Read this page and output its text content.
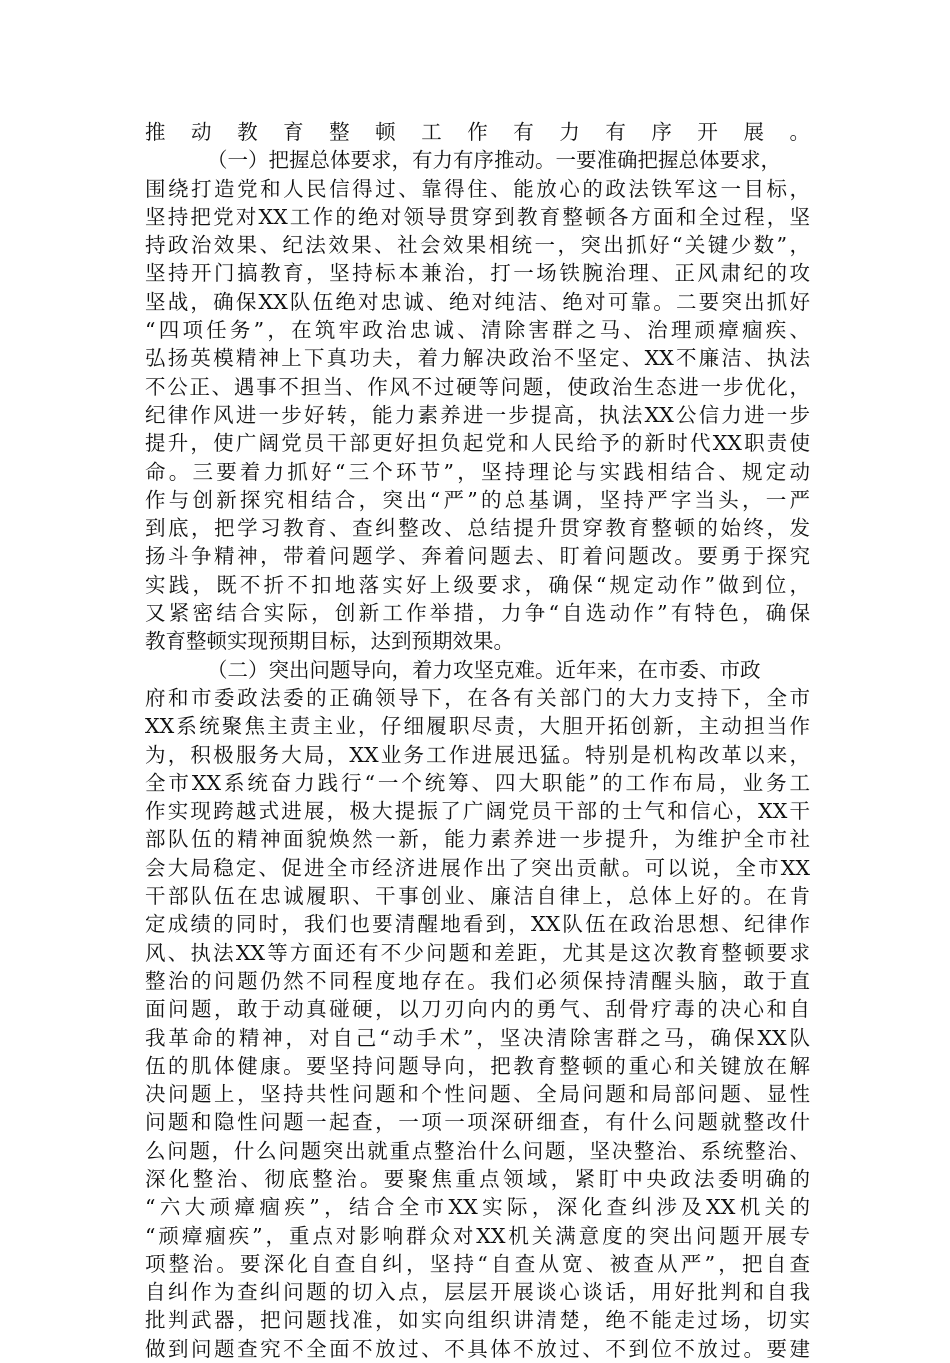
推动教育整顿工作有力有序开展。
（一）把握总体要求，有力有序推动。一要准确把握总体要求，
围绕打造党和人民信得过、靠得住、能放心的政法铁军这一目标，
坚持把党对XX工作的绝对领导贯穿到教育整顿各方面和全过程，坚
持政治效果、纪法效果、社会效果相统一，突出抓好“关键少数”，
坚持开门搞教育，坚持标本兼治，打一场铁腕治理、正风肃纪的攻
坚战，确保XX队伍绝对忠诚、绝对纯洁、绝对可靠。二要突出抓好
“四项任务”，在筑牢政治忠诚、清除害群之马、治理顽瘴痼疾、
弘扬英模精神上下真功夫，着力解决政治不坚定、XX不廉洁、执法
不公正、遇事不担当、作风不过硬等问题，使政治生态进一步优化，
纪律作风进一步好转，能力素养进一步提高，执法XX公信力进一步
提升，使广阔党员干部更好担负起党和人民给予的新时代XX职责使
命。三要着力抓好“三个环节”，坚持理论与实践相结合、规定动
作与创新探究相结合，突出“严”的总基调，坚持严字当头，一严
到底，把学习教育、查纠整改、总结提升贯穿教育整顿的始终，发
扬斗争精神，带着问题学、奔着问题去、盯着问题改。要勇于探究
实践，既不折不扣地落实好上级要求，确保“规定动作”做到位，
又紧密结合实际，创新工作举措，力争“自选动作”有特色，确保
教育整顿实现预期目标，达到预期效果。
（二）突出问题导向，着力攻坚克难。近年来，在市委、市政
府和市委政法委的正确领导下，在各有关部门的大力支持下，全市
XX系统聚焦主责主业，仔细履职尽责，大胆开拓创新，主动担当作
为，积极服务大局，XX业务工作进展迅猛。特别是机构改革以来，
全市XX系统奋力践行“一个统筹、四大职能”的工作布局，业务工
作实现跨越式进展，极大提振了广阔党员干部的士气和信心，XX干
部队伍的精神面貌焕然一新，能力素养进一步提升，为维护全市社
会大局稳定、促进全市经济进展作出了突出贡献。可以说，全市XX
干部队伍在忠诚履职、干事创业、廉洁自律上，总体上好的。在肯
定成绩的同时，我们也要清醒地看到，XX队伍在政治思想、纪律作
风、执法XX等方面还有不少问题和差距，尤其是这次教育整顿要求
整治的问题仍然不同程度地存在。我们必须保持清醒头脑，敢于直
面问题，敢于动真碰硬，以刀刃向内的勇气、刮骨疗毒的决心和自
我革命的精神，对自己“动手术”，坚决清除害群之马，确保XX队
伍的肌体健康。要坚持问题导向，把教育整顿的重心和关键放在解
决问题上，坚持共性问题和个性问题、全局问题和局部问题、显性
问题和隐性问题一起查，一项一项深研细查，有什么问题就整改什
么问题，什么问题突出就重点整治什么问题，坚决整治、系统整治、
深化整治、彻底整治。要聚焦重点领域，紧盯中央政法委明确的
“六大顽瘴痼疾”，结合全市XX实际，深化查纠涉及XX机关的
“顽瘴痼疾”，重点对影响群众对XX机关满意度的突出问题开展专
项整治。要深化自查自纠，坚持“自查从宽、被查从严”，把自查
自纠作为查纠问题的切入点，层层开展谈心谈话，用好批判和自我
批判武器，把问题找准，如实向组织讲清楚，绝不能走过场，切实
做到问题查究不全面不放过、不具体不放过、不到位不放过。要建
